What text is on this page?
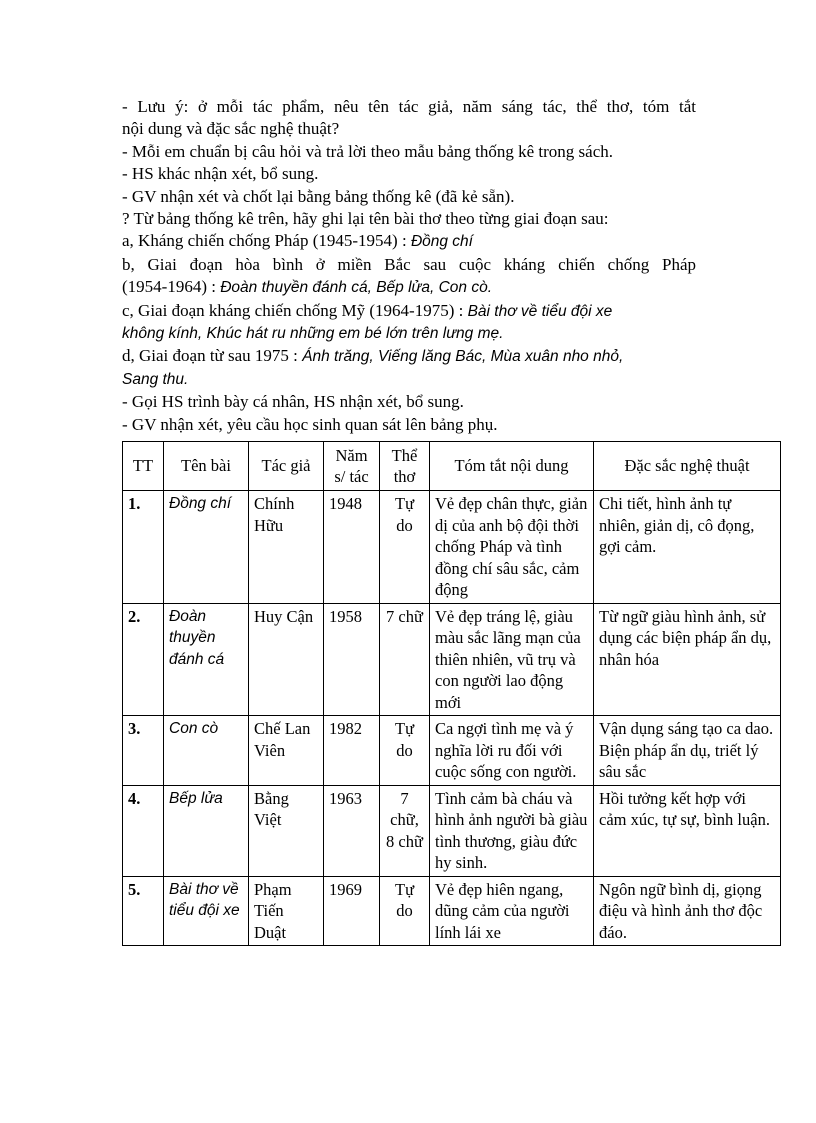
- Lưu ý: ở mỗi tác phẩm, nêu tên tác giả, năm sáng tác, thể thơ, tóm tắt
nội dung và đặc sắc nghệ thuật?
- Mỗi em chuẩn bị câu hỏi và trả lời theo mẫu bảng thống kê trong sách.
- HS khác nhận xét, bổ sung.
- GV nhận xét và chốt lại bằng bảng thống kê (đã kẻ sẵn).
? Từ bảng thống kê trên, hãy ghi lại tên bài thơ theo từng giai đoạn sau:
a, Kháng chiến chống Pháp (1945-1954) : Đồng chí
b, Giai đoạn hòa bình ở miền Bắc sau cuộc kháng chiến chống Pháp
(1954-1964) : Đoàn thuyền đánh cá, Bếp lửa, Con cò.
c, Giai đoạn kháng chiến chống Mỹ (1964-1975) : Bài thơ về tiểu đội xe
không kính, Khúc hát ru những em bé lớn trên lưng mẹ.
d, Giai đoạn từ sau 1975 : Ánh trăng, Viếng lăng Bác, Mùa xuân nho nhỏ,
Sang thu.
- Gọi HS trình bày cá nhân, HS nhận xét, bổ sung.
- GV nhận xét, yêu cầu học sinh quan sát lên bảng phụ.
TT	Tên bài	Tác giả	Năm s/ tác	Thể thơ	Tóm tắt nội dung	Đặc sắc nghệ thuật
1.	Đồng chí	Chính Hữu	1948	Tự do	Vẻ đẹp chân thực, giản dị của anh bộ đội thời chống Pháp và tình đồng chí sâu sắc, cảm động	Chi tiết, hình ảnh tự nhiên, giản dị, cô đọng, gợi cảm.
2.	Đoàn thuyền đánh cá	Huy Cận	1958	7 chữ	Vẻ đẹp tráng lệ, giàu màu sắc lãng mạn của thiên nhiên, vũ trụ và con người lao động mới	Từ ngữ giàu hình ảnh, sử dụng các biện pháp ẩn dụ, nhân hóa
3.	Con cò	Chế Lan Viên	1982	Tự do	Ca ngợi tình mẹ và ý nghĩa lời ru đối với cuộc sống con người.	Vận dụng sáng tạo ca dao. Biện pháp ẩn dụ, triết lý sâu sắc
4.	Bếp lửa	Bằng Việt	1963	7 chữ, 8 chữ	Tình cảm bà cháu và hình ảnh người bà giàu tình thương, giàu đức hy sinh.	Hồi tưởng kết hợp với cảm xúc, tự sự, bình luận.
5.	Bài thơ về tiểu đội xe	Phạm Tiến Duật	1969	Tự do	Vẻ đẹp hiên ngang, dũng cảm của người lính lái xe	Ngôn ngữ bình dị, giọng điệu và hình ảnh thơ độc đáo.
